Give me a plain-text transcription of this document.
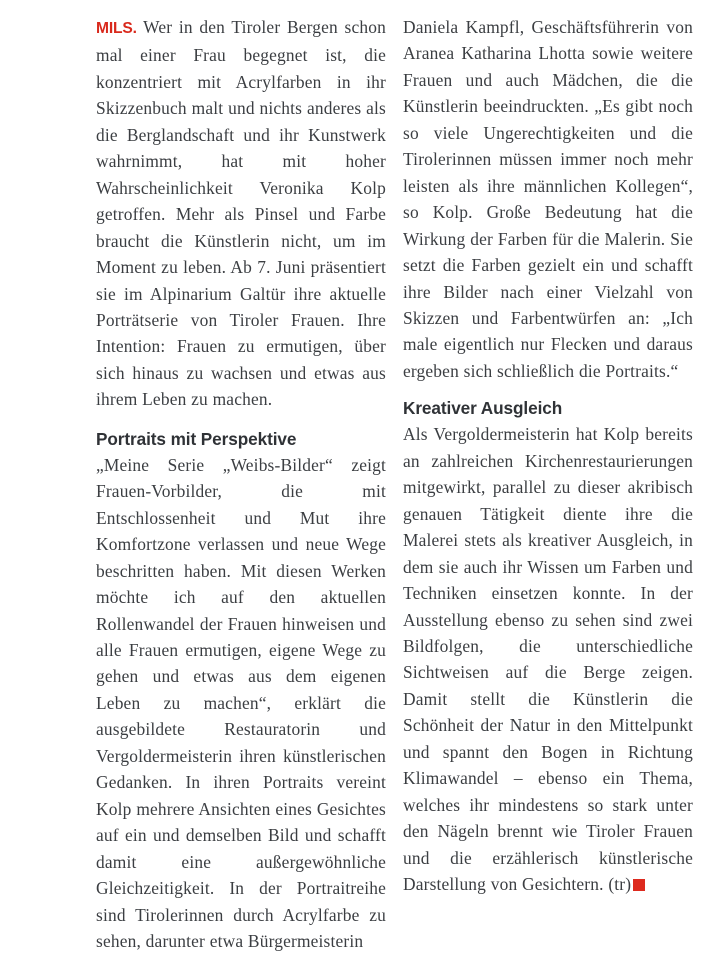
MILS. Wer in den Tiroler Bergen schon mal einer Frau begegnet ist, die konzentriert mit Acrylfarben in ihr Skizzenbuch malt und nichts anderes als die Berglandschaft und ihr Kunstwerk wahrnimmt, hat mit hoher Wahrscheinlichkeit Veronika Kolp getroffen. Mehr als Pinsel und Farbe braucht die Künstlerin nicht, um im Moment zu leben. Ab 7. Juni präsentiert sie im Alpinarium Galtür ihre aktuelle Porträtserie von Tiroler Frauen. Ihre Intention: Frauen zu ermutigen, über sich hinaus zu wachsen und etwas aus ihrem Leben zu machen.

Portraits mit Perspektive

„Meine Serie „Weibs-Bilder“ zeigt Frauen-Vorbilder, die mit Entschlossenheit und Mut ihre Komfortzone verlassen und neue Wege beschritten haben. Mit diesen Werken möchte ich auf den aktuellen Rollenwandel der Frauen hinweisen und alle Frauen ermutigen, eigene Wege zu gehen und etwas aus dem eigenen Leben zu machen“, erklärt die ausgebildete Restauratorin und Vergoldermeisterin ihren künstlerischen Gedanken. In ihren Portraits vereint Kolp mehrere Ansichten eines Gesichtes auf ein und demselben Bild und schafft damit eine außergewöhnliche Gleichzeitigkeit. In der Portraitreihe sind Tirolerinnen durch Acrylfarbe zu sehen, darunter etwa Bürgermeisterin

Daniela Kampfl, Geschäftsführerin von Aranea Katharina Lhotta sowie weitere Frauen und auch Mädchen, die die Künstlerin beeindruckten. „Es gibt noch so viele Ungerechtigkeiten und die Tirolerinnen müssen immer noch mehr leisten als ihre männlichen Kollegen“, so Kolp. Große Bedeutung hat die Wirkung der Farben für die Malerin. Sie setzt die Farben gezielt ein und schafft ihre Bilder nach einer Vielzahl von Skizzen und Farbentwürfen an: „Ich male eigentlich nur Flecken und daraus ergeben sich schließlich die Portraits.“

Kreativer Ausgleich

Als Vergoldermeisterin hat Kolp bereits an zahlreichen Kirchenrestaurierungen mitgewirkt, parallel zu dieser akribisch genauen Tätigkeit diente ihre die Malerei stets als kreativer Ausgleich, in dem sie auch ihr Wissen um Farben und Techniken einsetzen konnte. In der Ausstellung ebenso zu sehen sind zwei Bildfolgen, die unterschiedliche Sichtweisen auf die Berge zeigen. Damit stellt die Künstlerin die Schönheit der Natur in den Mittelpunkt und spannt den Bogen in Richtung Klimawandel – ebenso ein Thema, welches ihr mindestens so stark unter den Nägeln brennt wie Tiroler Frauen und die erzählerisch künstlerische Darstellung von Gesichtern. (tr)
